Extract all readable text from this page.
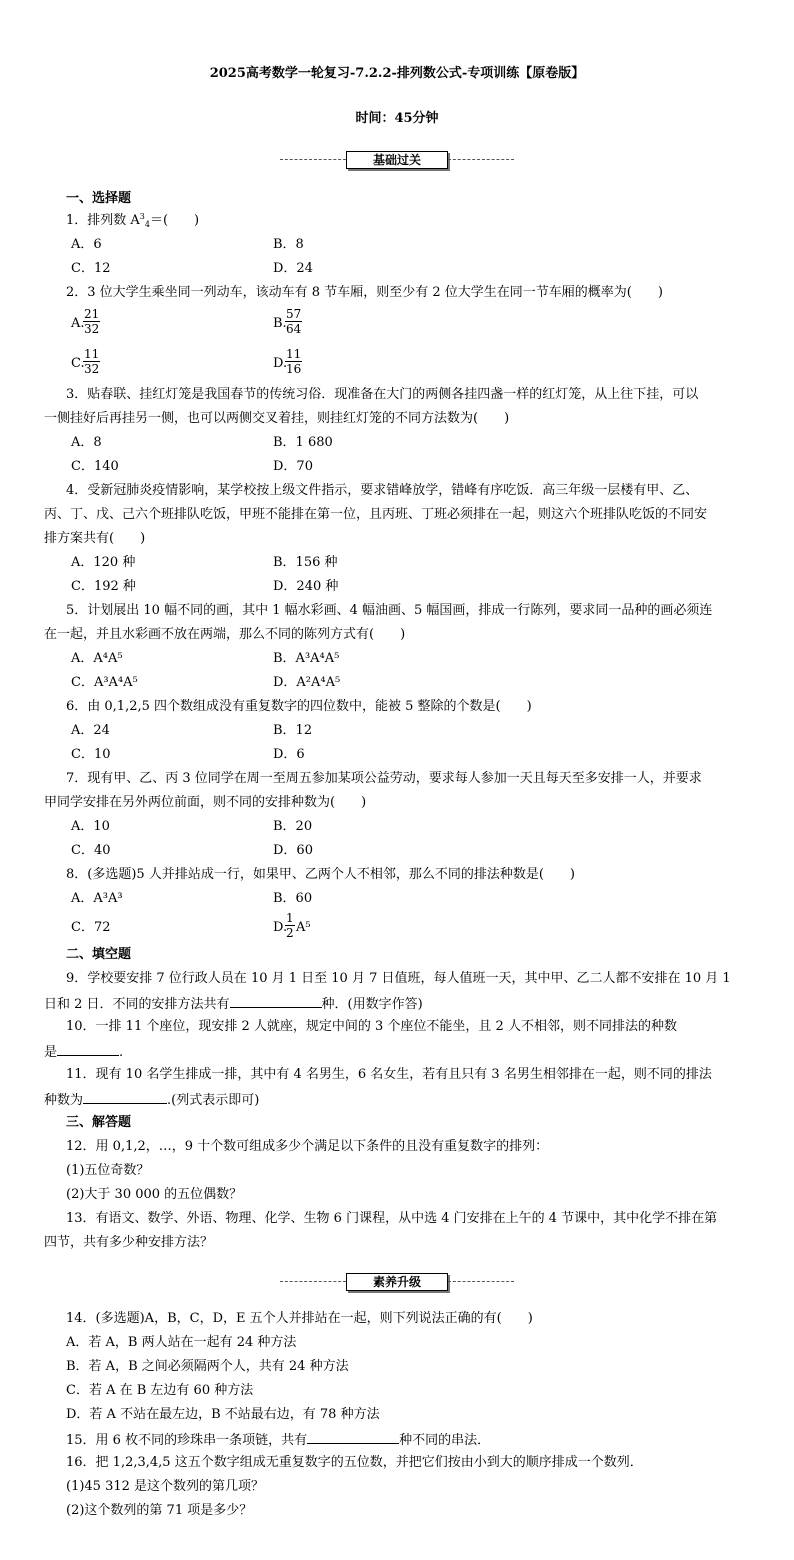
2025高考数学一轮复习-7.2.2-排列数公式-专项训练【原卷版】
时间：45分钟
基础过关
一、选择题
1．排列数 $A^3_4=$(　　)
A．6	B．8
C．12	D．24
2．3 位大学生乘坐同一列动车，该动车有 8 节车厢，则至少有 2 位大学生在同一节车厢的概率为(　　)
A.
$\frac{21}{32}$	B.
$\frac{57}{64}$
C.
$\frac{11}{32}$	D.
$\frac{11}{16}$
3．贴春联、挂红灯笼是我国春节的传统习俗．现准备在大门的两侧各挂四盏一样的红灯笼，从上往下挂，可以
一侧挂好后再挂另一侧，也可以两侧交叉着挂，则挂红灯笼的不同方法数为(　　)
A．8	B．1 680
C．140	D．70
4．受新冠肺炎疫情影响，某学校按上级文件指示，要求错峰放学，错峰有序吃饭．高三年级一层楼有甲、乙、
丙、丁、戊、己六个班排队吃饭，甲班不能排在第一位，且丙班、丁班必须排在一起，则这六个班排队吃饭的不同安
排方案共有(　　)
A．120 种	B．156 种
C．192 种	D．240 种
5．计划展出 10 幅不同的画，其中 1 幅水彩画、4 幅油画、5 幅国画，排成一行陈列，要求同一品种的画必须连
在一起，并且水彩画不放在两端，那么不同的陈列方式有(　　)
A．A⁴A⁵	B．A³A⁴A⁵
C．A³A⁴A⁵	D．A²A⁴A⁵
6．由 0,1,2,5 四个数组成没有重复数字的四位数中，能被 5 整除的个数是(　　)
A．24	B．12
C．10	D．6
7．现有甲、乙、丙 3 位同学在周一至周五参加某项公益劳动，要求每人参加一天且每天至多安排一人，并要求
甲同学安排在另外两位前面，则不同的安排种数为(　　)
A．10	B．20
C．40	D．60
8．(多选题)5 人并排站成一行，如果甲、乙两个人不相邻，那么不同的排法种数是(　　)
A．A³A³	B．60
C．72	D.
$\frac{1}{2} A^5$
二、填空题
9．学校要安排 7 位行政人员在 10 月 1 日至 10 月 7 日值班，每人值班一天，其中甲、乙二人都不安排在 10 月 1
日和 2 日．不同的安排方法共有	种．(用数字作答)
10．一排 11 个座位，现安排 2 人就座，规定中间的 3 个座位不能坐，且 2 人不相邻，则不同排法的种数
是	.
11．现有 10 名学生排成一排，其中有 4 名男生，6 名女生，若有且只有 3 名男生相邻排在一起，则不同的排法
种数为	.(列式表示即可)
三、解答题
12．用 0,1,2，…，9 十个数可组成多少个满足以下条件的且没有重复数字的排列：
(1)五位奇数？
(2)大于 30 000 的五位偶数？
13．有语文、数学、外语、物理、化学、生物 6 门课程，从中选 4 门安排在上午的 4 节课中，其中化学不排在第
四节，共有多少种安排方法？
素养升级
14．(多选题)A，B，C，D，E 五个人并排站在一起，则下列说法正确的有(　　)
A．若 A，B 两人站在一起有 24 种方法
B．若 A，B 之间必须隔两个人，共有 24 种方法
C．若 A 在 B 左边有 60 种方法
D．若 A 不站在最左边，B 不站最右边，有 78 种方法
15．用 6 枚不同的珍珠串一条项链，共有	种不同的串法．
16．把 1,2,3,4,5 这五个数字组成无重复数字的五位数，并把它们按由小到大的顺序排成一个数列．
(1)45 312 是这个数列的第几项？
(2)这个数列的第 71 项是多少？
